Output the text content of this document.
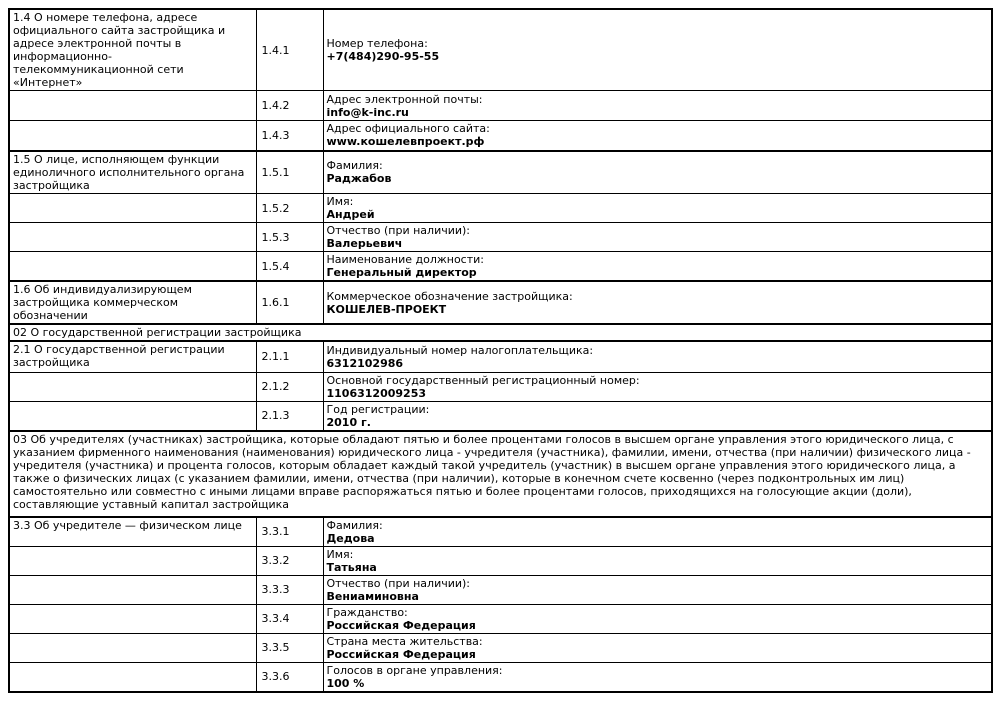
1.4 О номере телефона, адресе официального сайта застройщика и адресе электронной почты в информационно-телекоммуникационной сети «Интернет»	1.4.1	Номер телефона:
+7(484)290-95-55

	1.4.2	Адрес электронной почты:
info@k-inc.ru

	1.4.3	Адрес официального сайта:
www.кошелевпроект.рф

1.5 О лице, исполняющем функции единоличного исполнительного органа застройщика	1.5.1	Фамилия:
Раджабов

	1.5.2	Имя:
Андрей

	1.5.3	Отчество (при наличии):
Валерьевич

	1.5.4	Наименование должности:
Генеральный директор

1.6 Об индивидуализирующем застройщика коммерческом обозначении	1.6.1	Коммерческое обозначение застройщика:
КОШЕЛЕВ-ПРОЕКТ

02 О государственной регистрации застройщика		
2.1 О государственной регистрации застройщика	2.1.1	Индивидуальный номер налогоплательщика:
6312102986

	2.1.2	Основной государственный регистрационный номер:
1106312009253

	2.1.3	Год регистрации:
2010 г.

03 Об учредителях (участниках) застройщика, которые обладают пятью и более процентами голосов в высшем органе управления этого юридического лица, с указанием фирменного наименования (наименования) юридического лица - учредителя (участника), фамилии, имени, отчества (при наличии) физического лица - учредителя (участника) и процента голосов, которым обладает каждый такой учредитель (участник) в высшем органе управления этого юридического лица, а также о физических лицах (с указанием фамилии, имени, отчества (при наличии), которые в конечном счете косвенно (через подконтрольных им лиц) самостоятельно или совместно с иными лицами вправе распоряжаться пятью и более процентами голосов, приходящихся на голосующие акции (доли), составляющие уставный капитал застройщика		
3.3 Об учредителе — физическом лице	3.3.1	Фамилия:
Дедова

	3.3.2	Имя:
Татьяна

	3.3.3	Отчество (при наличии):
Вениаминовна

	3.3.4	Гражданство:
Российская Федерация

	3.3.5	Страна места жительства:
Российская Федерация

	3.3.6	Голосов в органе управления:
100 %
